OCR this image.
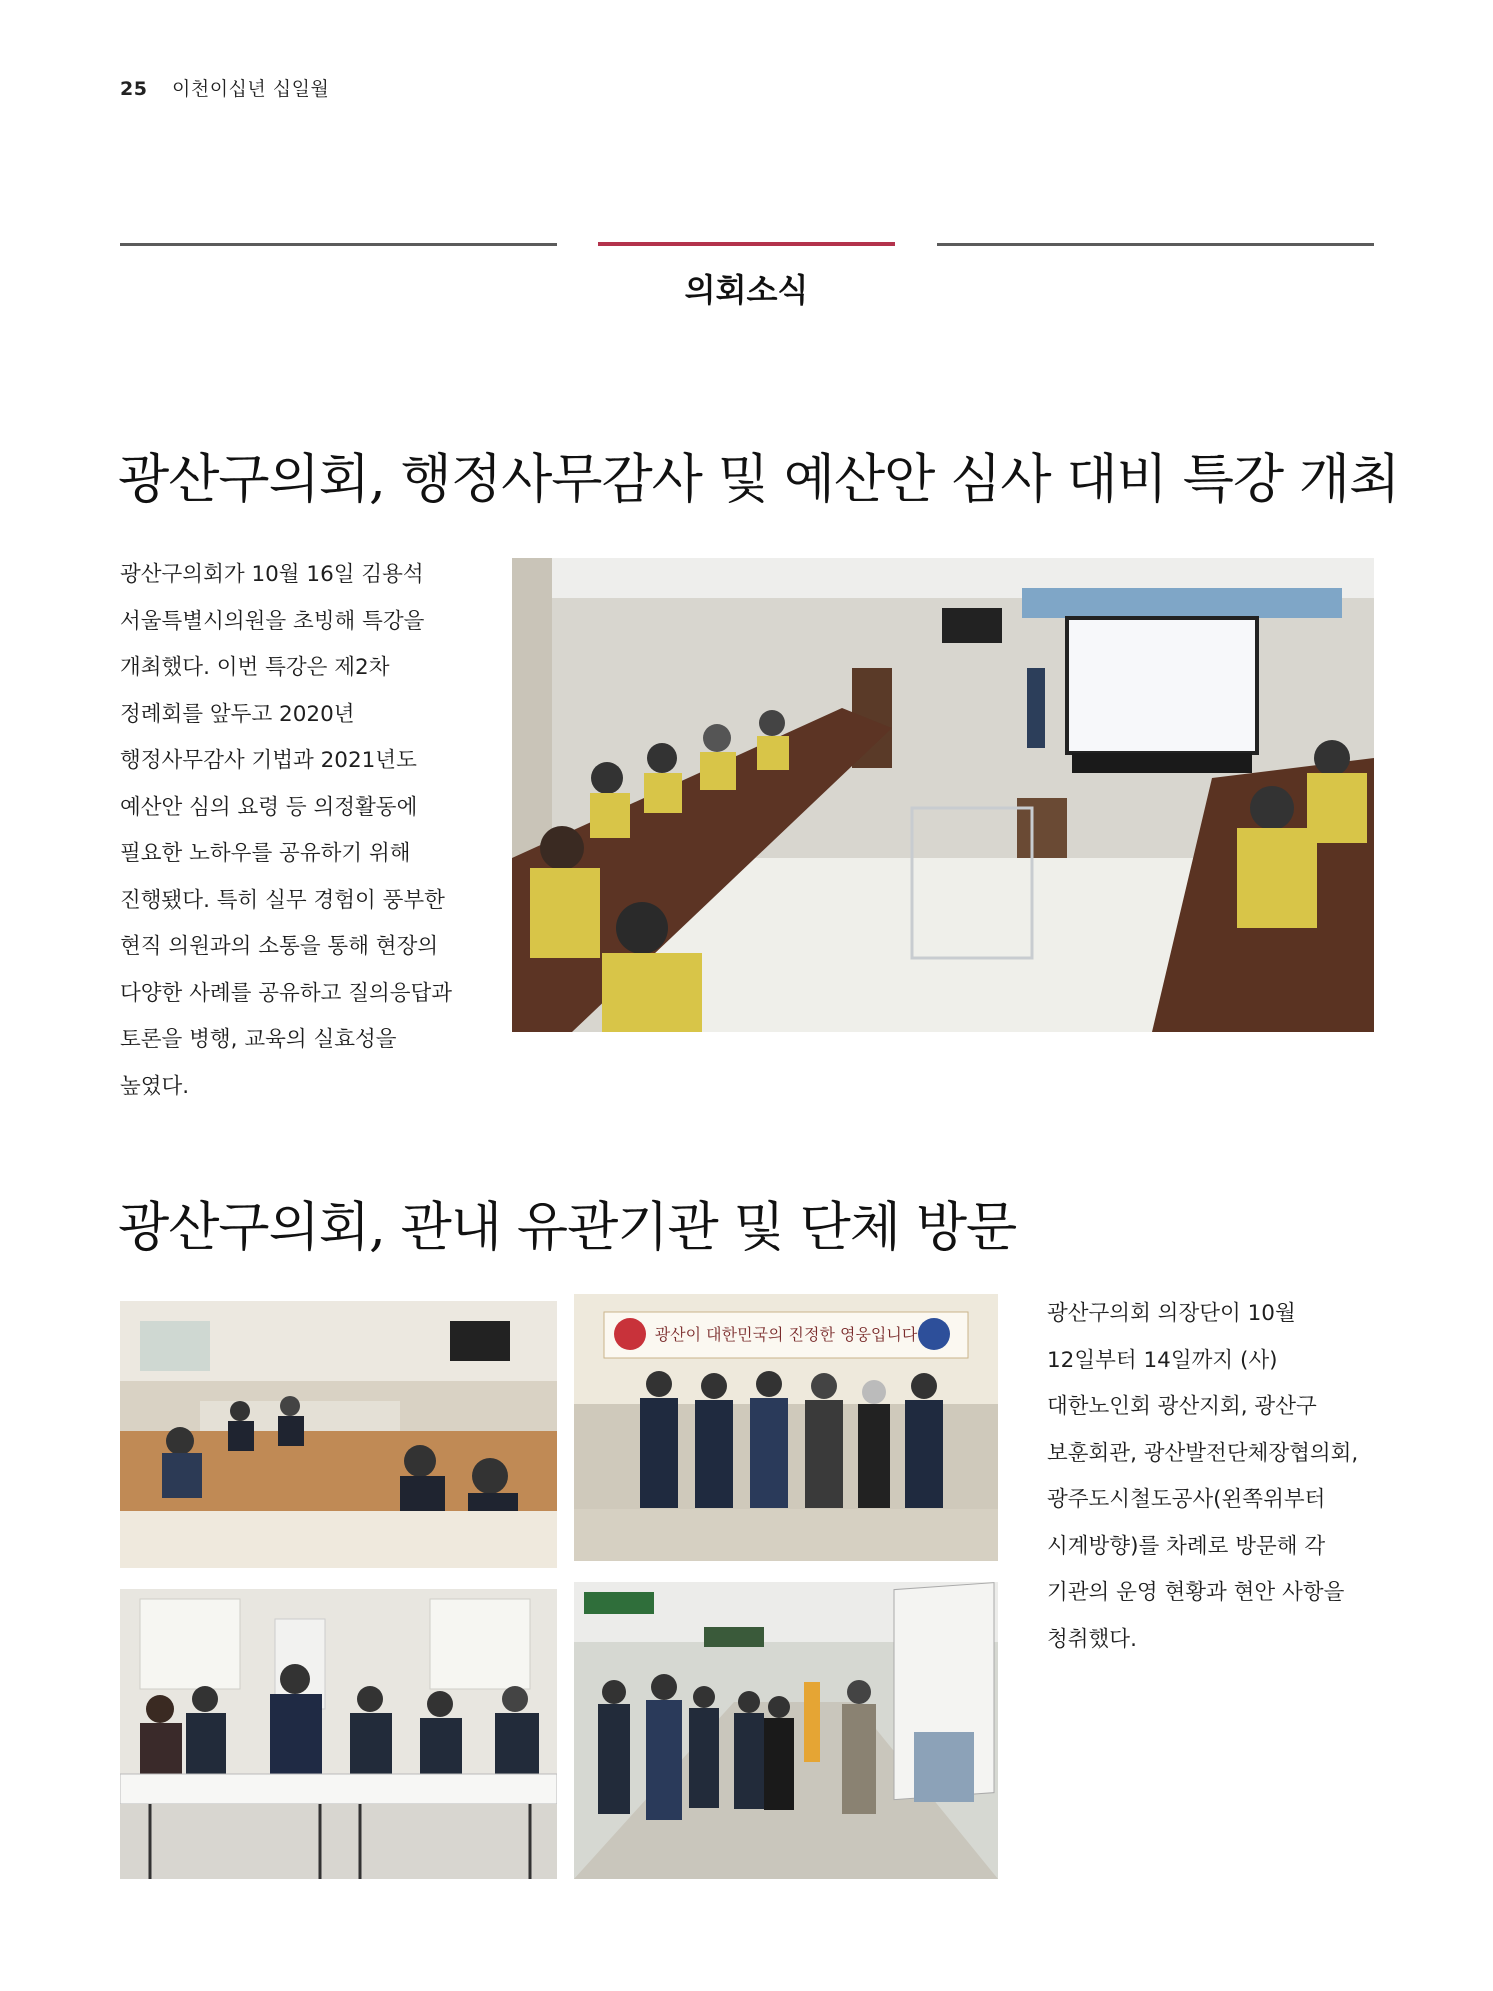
25 이천이십년 십일월
의회소식
광산구의회, 행정사무감사 및 예산안 심사 대비 특강 개최
광산구의회가 10월 16일 김용석 서울특별시의원을 초빙해 특강을 개최했다. 이번 특강은 제2차 정례회를 앞두고 2020년 행정사무감사 기법과 2021년도 예산안 심의 요령 등 의정활동에 필요한 노하우를 공유하기 위해 진행됐다. 특히 실무 경험이 풍부한 현직 의원과의 소통을 통해 현장의 다양한 사례를 공유하고 질의응답과 토론을 병행, 교육의 실효성을 높였다.
광산구의회, 관내 유관기관 및 단체 방문
광산이 대한민국의 진정한 영웅입니다
광산구의회 의장단이 10월 12일부터 14일까지 (사)대한노인회 광산지회, 광산구 보훈회관, 광산발전단체장협의회, 광주도시철도공사(왼쪽위부터 시계방향)를 차례로 방문해 각 기관의 운영 현황과 현안 사항을 청취했다.
